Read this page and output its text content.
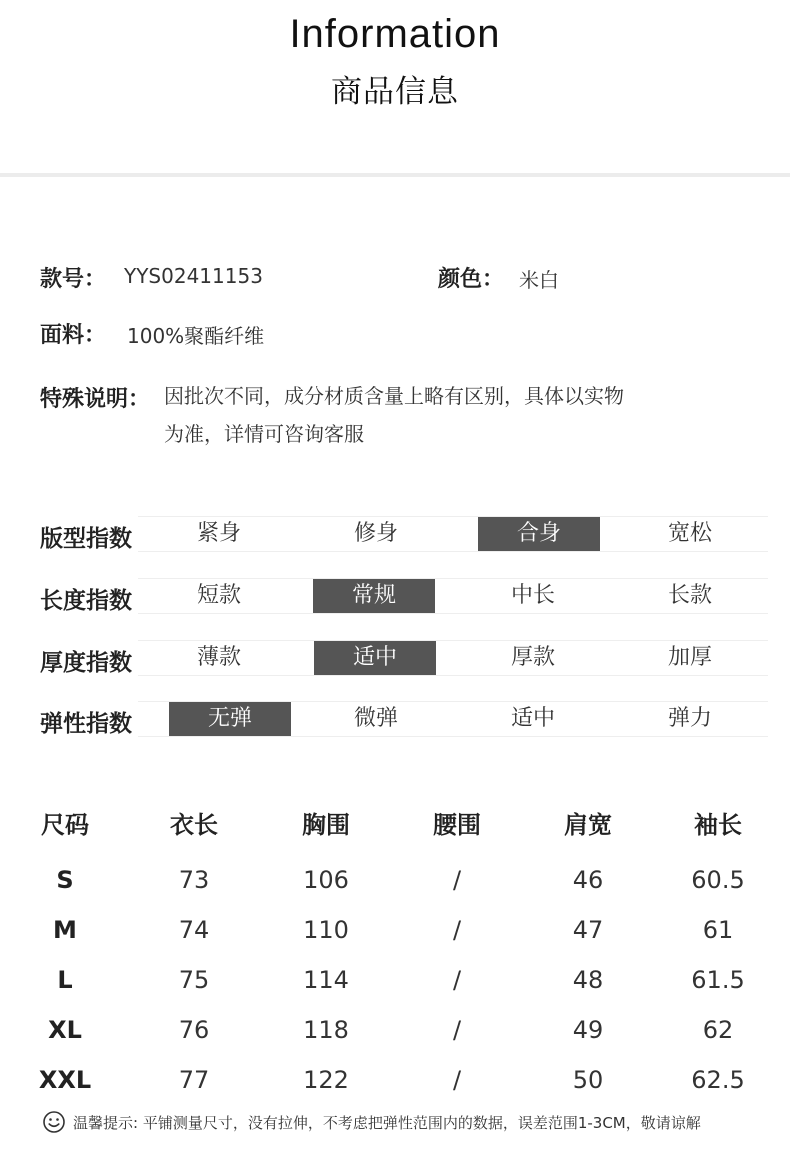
Information
商品信息
款号： YYS02411153	颜色： 米白
面料： 100%聚酯纤维
特殊说明： 因批次不同，成分材质含量上略有区别，具体以实物
为准，详情可咨询客服
版型指数	紧身	修身	合身	宽松
长度指数	短款	常规	中长	长款
厚度指数	薄款	适中	厚款	加厚
弹性指数	无弹	微弹	适中	弹力
尺码	衣长	胸围	腰围	肩宽	袖长
S	73	106	/	46	60.5
M	74	110	/	47	61
L	75	114	/	48	61.5
XL	76	118	/	49	62
XXL	77	122	/	50	62.5
温馨提示: 平铺测量尺寸，没有拉伸，不考虑把弹性范围内的数据，误差范围1-3CM，敬请谅解
